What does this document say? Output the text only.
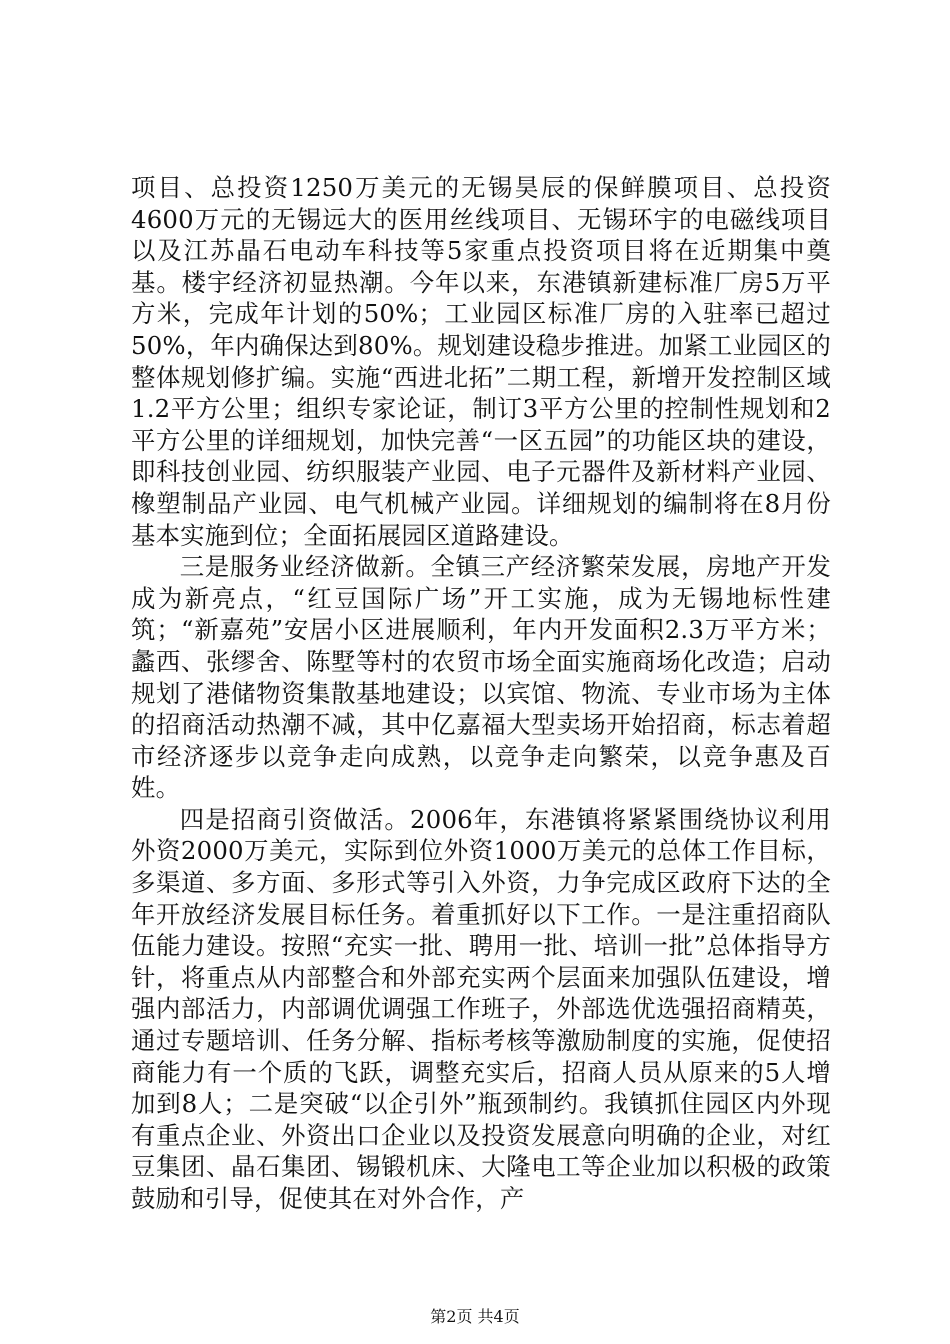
项目、总投资1250万美元的无锡昊辰的保鲜膜项目、总投资4600万元的无锡远大的医用丝线项目、无锡环宇的电磁线项目以及江苏晶石电动车科技等5家重点投资项目将在近期集中奠基。楼宇经济初显热潮。今年以来，东港镇新建标准厂房5万平方米，完成年计划的50%；工业园区标准厂房的入驻率已超过50%，年内确保达到80%。规划建设稳步推进。加紧工业园区的整体规划修扩编。实施“西进北拓”二期工程，新增开发控制区域1.2平方公里；组织专家论证，制订3平方公里的控制性规划和2平方公里的详细规划，加快完善“一区五园”的功能区块的建设，即科技创业园、纺织服装产业园、电子元器件及新材料产业园、橡塑制品产业园、电气机械产业园。详细规划的编制将在8月份基本实施到位；全面拓展园区道路建设。

三是服务业经济做新。全镇三产经济繁荣发展，房地产开发成为新亮点，“红豆国际广场”开工实施，成为无锡地标性建筑；“新嘉苑”安居小区进展顺利，年内开发面积2.3万平方米；蠡西、张缪舍、陈墅等村的农贸市场全面实施商场化改造；启动规划了港储物资集散基地建设；以宾馆、物流、专业市场为主体的招商活动热潮不减，其中亿嘉福大型卖场开始招商，标志着超市经济逐步以竞争走向成熟，以竞争走向繁荣，以竞争惠及百姓。

四是招商引资做活。2006年，东港镇将紧紧围绕协议利用外资2000万美元，实际到位外资1000万美元的总体工作目标，多渠道、多方面、多形式等引入外资，力争完成区政府下达的全年开放经济发展目标任务。着重抓好以下工作。一是注重招商队伍能力建设。按照“充实一批、聘用一批、培训一批”总体指导方针，将重点从内部整合和外部充实两个层面来加强队伍建设，增强内部活力，内部调优调强工作班子，外部选优选强招商精英，通过专题培训、任务分解、指标考核等激励制度的实施，促使招商能力有一个质的飞跃，调整充实后，招商人员从原来的5人增加到8人；二是突破“以企引外”瓶颈制约。我镇抓住园区内外现有重点企业、外资出口企业以及投资发展意向明确的企业，对红豆集团、晶石集团、锡锻机床、大隆电工等企业加以积极的政策鼓励和引导，促使其在对外合作，产

第2页 共4页
